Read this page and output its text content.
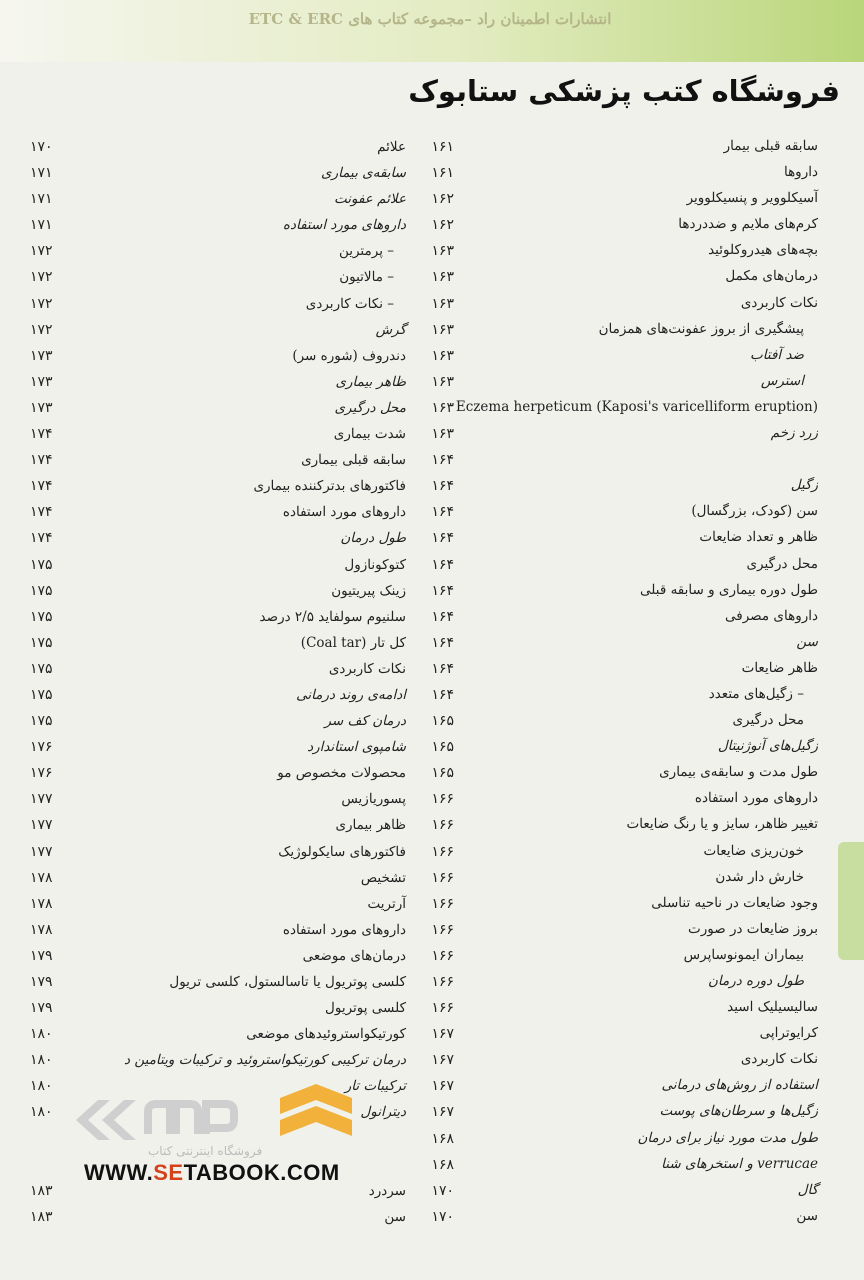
انتشارات اطمینان راد –مجموعه کتاب های ETC & ERC
فروشگاه کتب پزشکی ستابوک
سابقه قبلی بیمار
داروها
آسیکلوویر و پنسیکلوویر
کرم‌های ملایم و ضددردها
بچه‌های هیدروکلوئید
درمان‌های مکمل
نکات کاربردی
پیشگیری از بروز عفونت‌های همزمان
ضد آفتاب
استرس
Eczema herpeticum (Kaposi's varicelliform eruption)
زرد زخم
زگیل
سن (کودک، بزرگسال)
ظاهر و تعداد ضایعات
محل درگیری
طول دوره بیماری و سابقه قبلی
داروهای مصرفی
سن
ظاهر ضایعات
– زگیل‌های متعدد
محل درگیری
زگیل‌های آنوژنیتال
طول مدت و سابقه‌ی بیماری
داروهای مورد استفاده
تغییر ظاهر، سایز و یا رنگ ضایعات
خون‌ریزی ضایعات
خارش دار شدن
وجود ضایعات در ناحیه تناسلی
بروز ضایعات در صورت
بیماران ایمونوساپرس
طول دوره درمان
سالیسیلیک اسید
کرایوتراپی
نکات کاربردی
استفاده از روش‌های درمانی
زگیل‌ها و سرطان‌های پوست
طول مدت مورد نیاز برای درمان
verrucae و استخرهای شنا
گال
سن
۱۶۱
علائم
۱۶۱
سابقه‌ی بیماری
۱۶۲
علائم عفونت
۱۶۲
داروهای مورد استفاده
۱۶۳
– پرمترین
۱۶۳
– مالاتیون
۱۶۳
– نکات کاربردی
۱۶۳
گرش
۱۶۳
دندروف (شوره سر)
۱۶۳
ظاهر بیماری
۱۶۳
محل درگیری
۱۶۳
شدت بیماری
۱۶۴
سابقه قبلی بیماری
۱۶۴
فاکتورهای بدترکننده بیماری
۱۶۴
داروهای مورد استفاده
۱۶۴
طول درمان
۱۶۴
کتوکونازول
۱۶۴
زینک پیریتیون
۱۶۴
سلنیوم سولفاید ۲/۵ درصد
۱۶۴
کل تار (Coal tar)
۱۶۴
نکات کاربردی
۱۶۴
ادامه‌ی روند درمانی
۱۶۵
درمان کف سر
۱۶۵
شامپوی استاندارد
۱۶۵
محصولات مخصوص مو
۱۶۶
پسوریازیس
۱۶۶
ظاهر بیماری
۱۶۶
فاکتورهای سایکولوژیک
۱۶۶
تشخیص
۱۶۶
آرتریت
۱۶۶
داروهای مورد استفاده
۱۶۶
درمان‌های موضعی
۱۶۶
کلسی پوتریول یا تاسالستول، کلسی تریول
۱۶۶
کلسی پوتریول
۱۶۷
کورتیکواستروئیدهای موضعی
۱۶۷
درمان ترکیبی کورتیکواستروئید و ترکیبات ویتامین د
۱۶۷
ترکیبات تار
۱۶۷
دیترانول
۱۶۸
۱۶۸
۱۷۰
سردرد
۱۷۰
سن
۱۷۰
۱۷۱
۱۷۱
۱۷۱
۱۷۲
۱۷۲
۱۷۲
۱۷۲
۱۷۳
۱۷۳
۱۷۳
۱۷۴
۱۷۴
۱۷۴
۱۷۴
۱۷۴
۱۷۵
۱۷۵
۱۷۵
۱۷۵
۱۷۵
۱۷۵
۱۷۵
۱۷۶
۱۷۶
۱۷۷
۱۷۷
۱۷۷
۱۷۸
۱۷۸
۱۷۸
۱۷۹
۱۷۹
۱۷۹
۱۸۰
۱۸۰
۱۸۰
۱۸۰
۱۸۳
۱۸۳
فروشگاه اینترنتی کتاب
WWW.SETABOOK.COM
